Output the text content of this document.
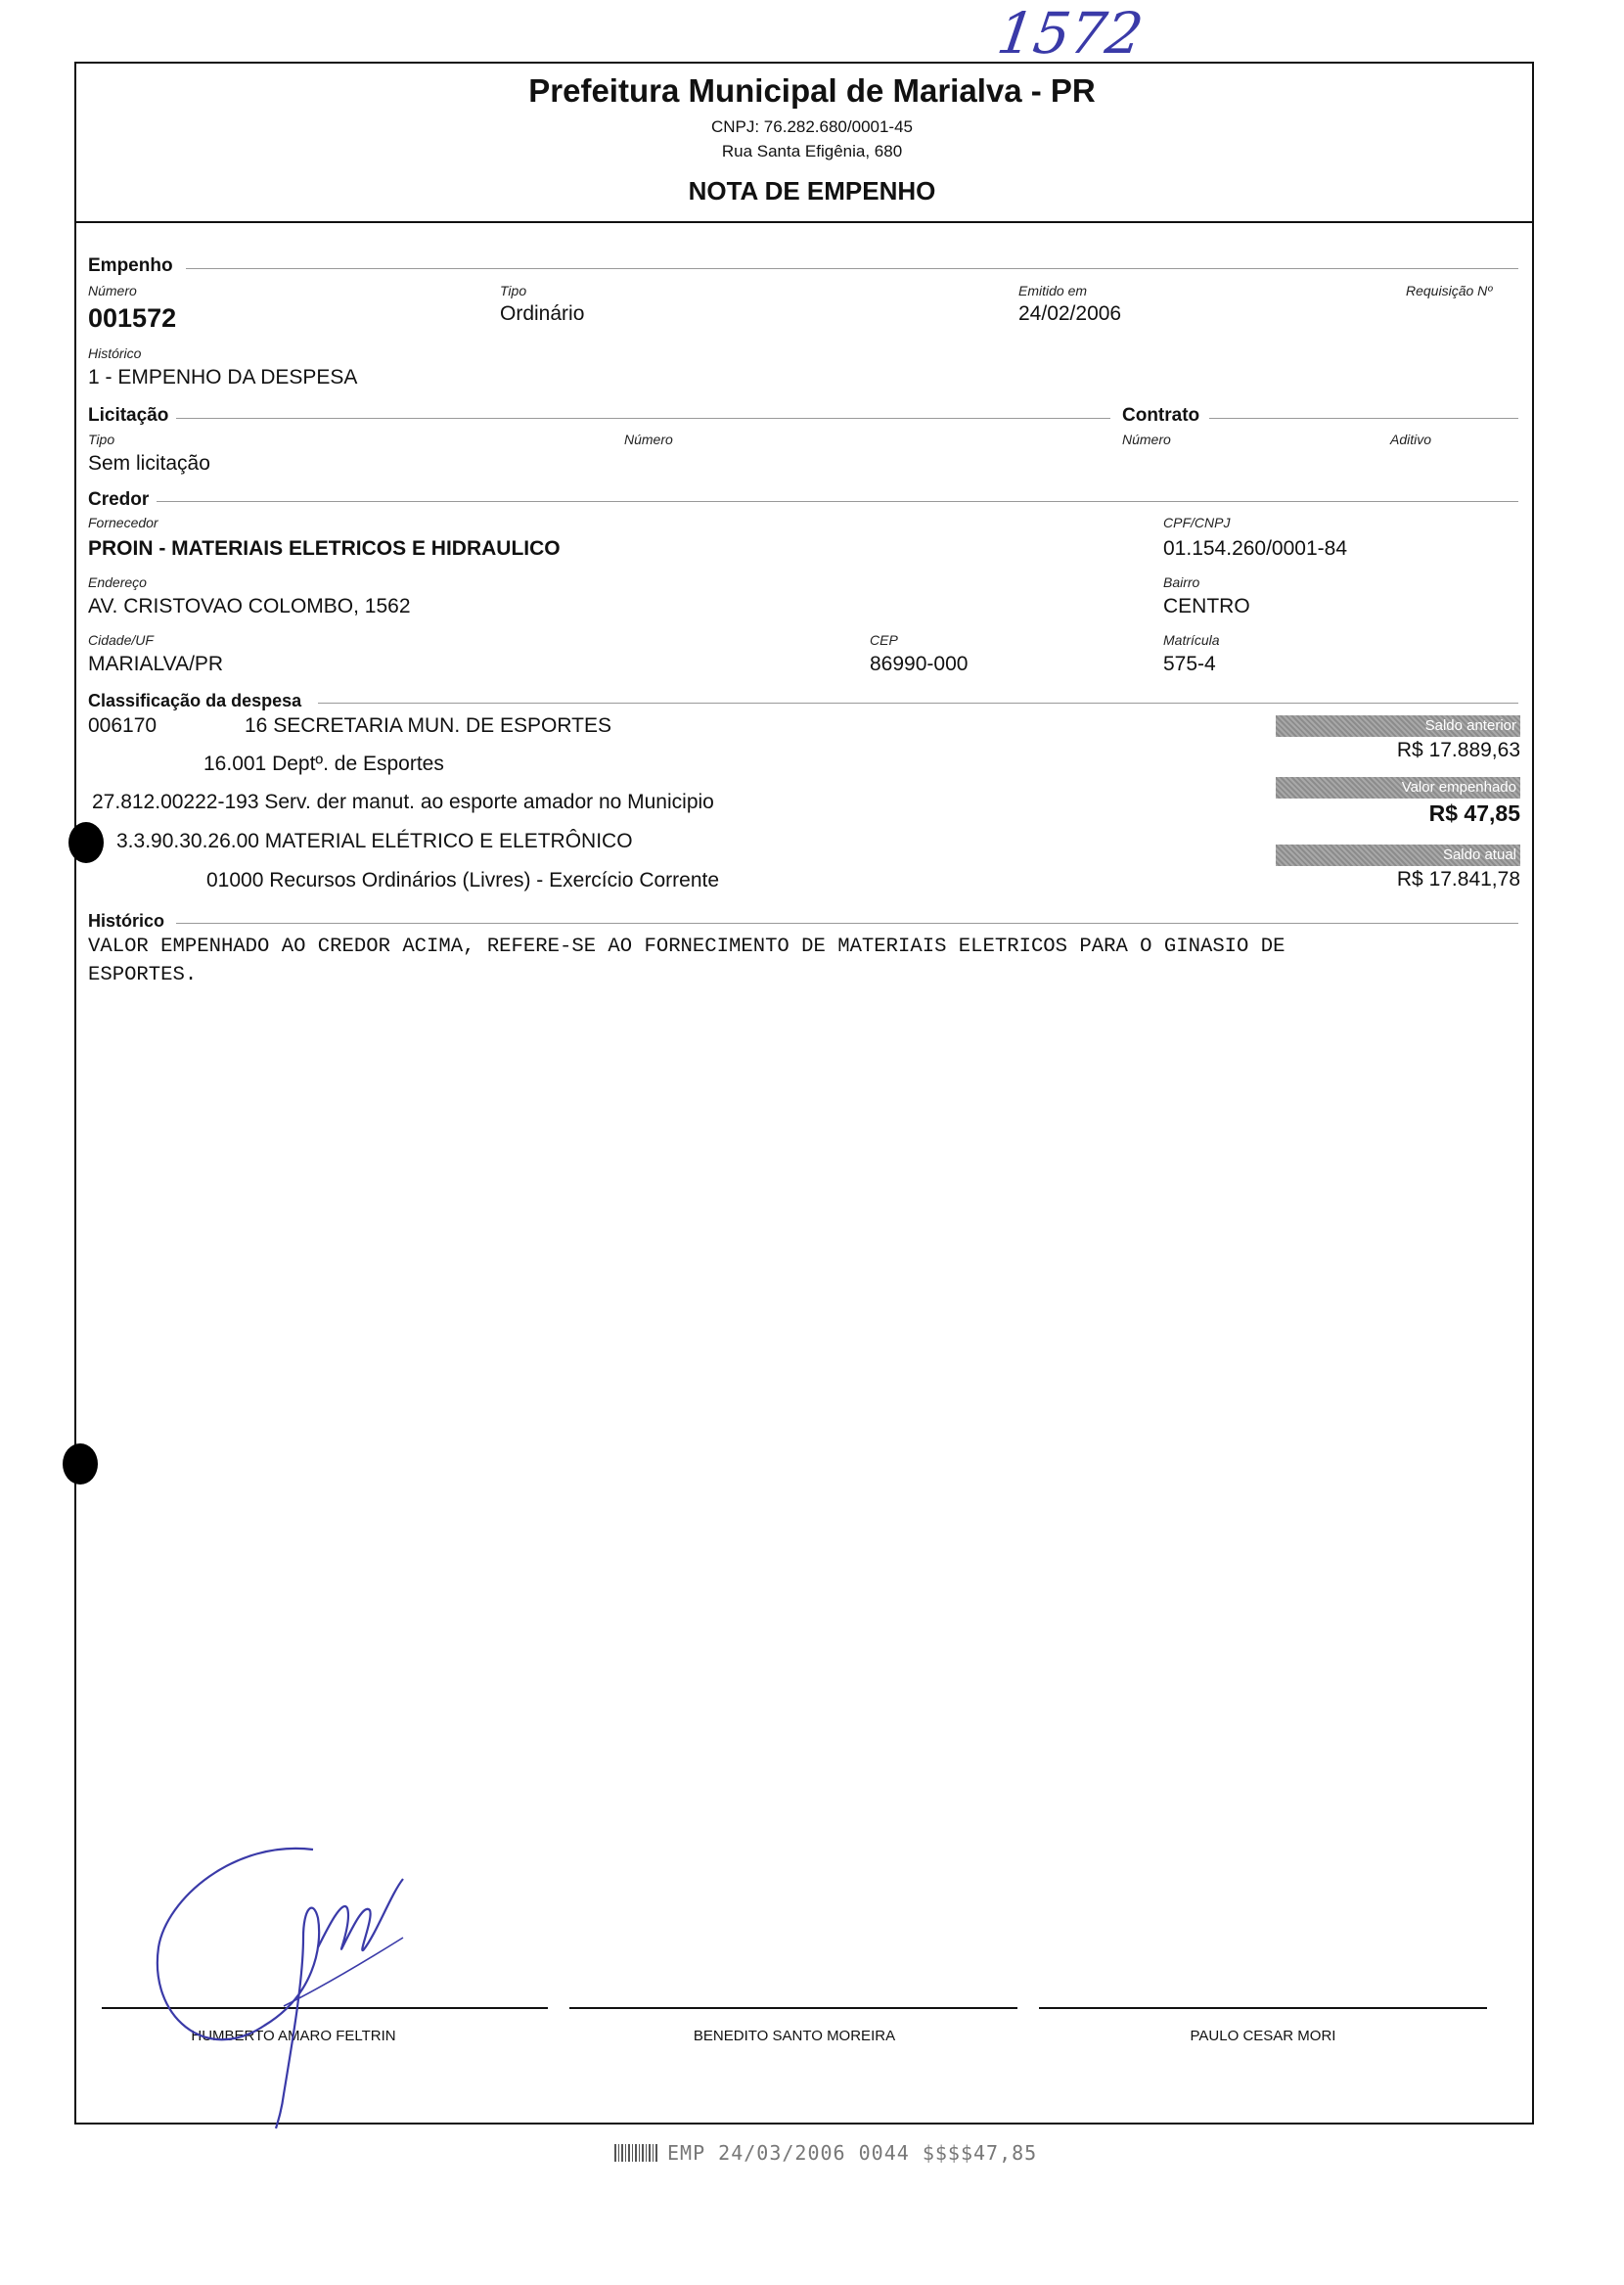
1572
Prefeitura Municipal de Marialva - PR
CNPJ: 76.282.680/0001-45
Rua Santa Efigênia, 680
NOTA DE EMPENHO
Empenho
Número
001572
Tipo
Ordinário
Emitido em
24/02/2006
Requisição Nº
Histórico
1 - EMPENHO DA DESPESA
Licitação	Contrato
Tipo
Sem licitação
Número	Número	Aditivo
Credor
Fornecedor
PROIN - MATERIAIS ELETRICOS E HIDRAULICO
CPF/CNPJ
01.154.260/0001-84
Endereço
AV. CRISTOVAO COLOMBO, 1562
Bairro
CENTRO
Cidade/UF
MARIALVA/PR
CEP
86990-000
Matrícula
575-4
Classificação da despesa
006170	16 SECRETARIA MUN. DE ESPORTES
16.001 Deptº. de Esportes
27.812.00222-193 Serv. der manut. ao esporte amador no Municipio
3.3.90.30.26.00 MATERIAL ELÉTRICO E ELETRÔNICO
01000 Recursos Ordinários (Livres) - Exercício Corrente
Saldo anterior
R$ 17.889,63
Valor empenhado
R$ 47,85
Saldo atual
R$ 17.841,78
Histórico
VALOR EMPENHADO AO CREDOR ACIMA, REFERE-SE AO FORNECIMENTO DE MATERIAIS ELETRICOS PARA O GINASIO DE
ESPORTES.
HUMBERTO AMARO FELTRIN	BENEDITO SANTO MOREIRA	PAULO CESAR MORI
EMP 24/03/2006 0044 $$$$47,85
